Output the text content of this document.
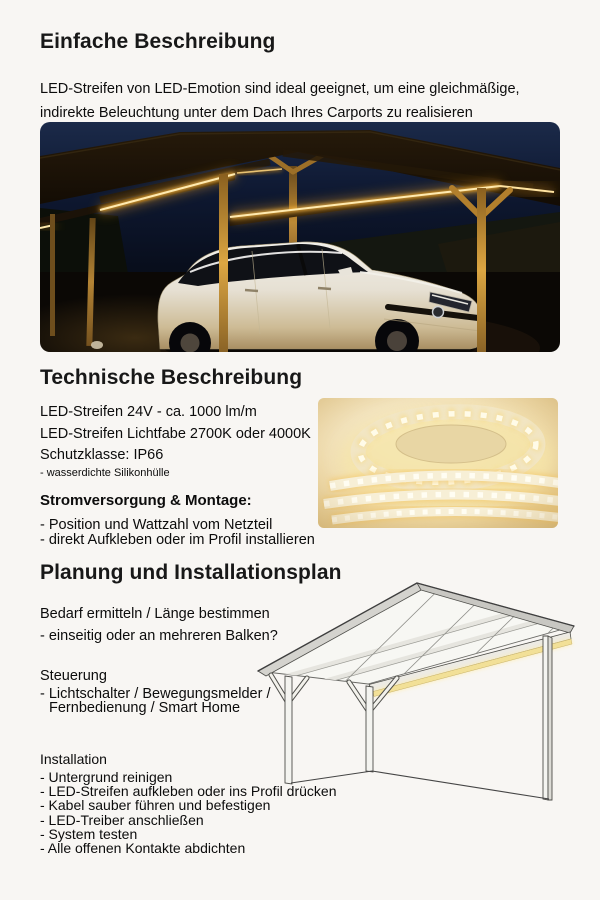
Einfache Beschreibung

LED-Streifen von LED-Emotion sind ideal geeignet, um eine gleichmäßige, indirekte Beleuchtung unter dem Dach Ihres Carports zu realisieren

Technische Beschreibung
LED-Streifen 24V - ca. 1000 lm/m
LED-Streifen Lichtfabe 2700K oder 4000K
Schutzklasse: IP66
- wasserdichte Silikonhülle
Stromversorgung & Montage:
- Position und Wattzahl vom Netzteil
- direkt Aufkleben oder im Profil installieren
Planung und Installationsplan
Bedarf ermitteln / Länge bestimmen
- einseitig oder an mehreren Balken?
Steuerung
- Lichtschalter / Bewegungsmelder /
Fernbedienung / Smart Home
Installation
- Untergrund reinigen
- LED-Streifen aufkleben oder ins Profil drücken
- Kabel sauber führen und befestigen
- LED-Treiber anschließen
- System testen
- Alle offenen Kontakte abdichten
